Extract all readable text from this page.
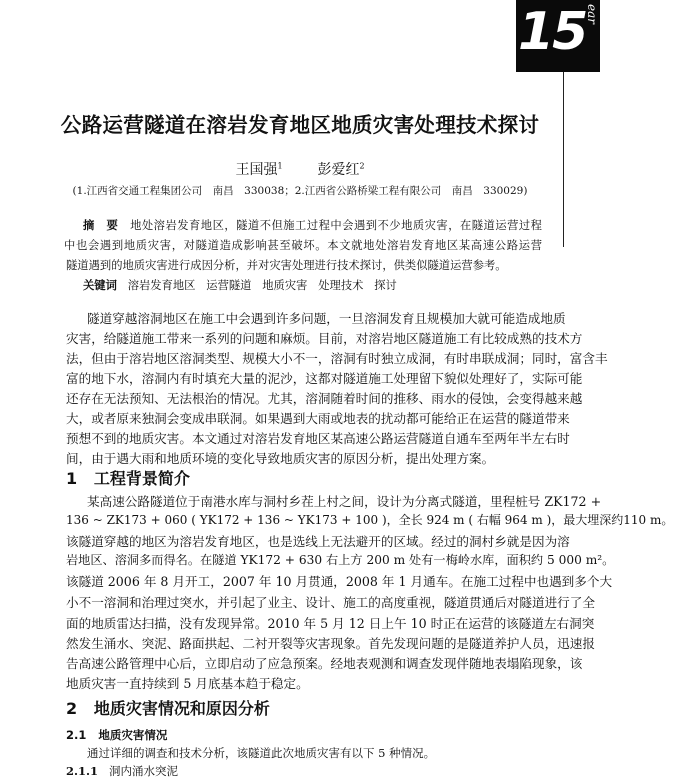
15
ear
公路运营隧道在溶岩发育地区地质灾害处理技术探讨
王国强$^1$ 彭爱红$^2$
(1.江西省交通工程集团公司　南昌　330038；2.江西省公路桥梁工程有限公司　南昌　330029)
摘　要　 地处溶岩发育地区，隧道不但施工过程中会遇到不少地质灾害，在隧道运营过程
中也会遇到地质灾害，对隧道造成影响甚至破坏。本文就地处溶岩发育地区某高速公路运营
隧道遇到的地质灾害进行成因分析，并对灾害处理进行技术探讨，供类似隧道运营参考。
关键词 溶岩发育地区 运营隧道 地质灾害 处理技术 探讨
隧道穿越溶洞地区在施工中会遇到许多问题，一旦溶洞发育且规模加大就可能造成地质
灾害，给隧道施工带来一系列的问题和麻烦。目前，对溶岩地区隧道施工有比较成熟的技术方
法，但由于溶岩地区溶洞类型、规模大小不一，溶洞有时独立成洞，有时串联成洞；同时，富含丰
富的地下水，溶洞内有时填充大量的泥沙，这都对隧道施工处理留下貌似处理好了，实际可能
还存在无法预知、无法根治的情况。尤其，溶洞随着时间的推移、雨水的侵蚀，会变得越来越
大，或者原来独洞会变成串联洞。如果遇到大雨或地表的扰动都可能给正在运营的隧道带来
预想不到的地质灾害。本文通过对溶岩发育地区某高速公路运营隧道自通车至两年半左右时
间，由于遇大雨和地质环境的变化导致地质灾害的原因分析，提出处理方案。
1 工程背景简介
某高速公路隧道位于南港水库与洞村乡茬上村之间，设计为分离式隧道，里程桩号 ZK172 +
136 ~ ZK173 + 060 ( YK172 + 136 ~ YK173 + 100 )，全长 924 m ( 右幅 964 m )，最大埋深约110 m。
该隧道穿越的地区为溶岩发育地区，也是选线上无法避开的区域。经过的洞村乡就是因为溶
岩地区、溶洞多而得名。在隧道 YK172 + 630 右上方 200 m 处有一梅岭水库，面积约 5 000 m²。
该隧道 2006 年 8 月开工，2007 年 10 月贯通，2008 年 1 月通车。在施工过程中也遇到多个大
小不一溶洞和治理过突水，并引起了业主、设计、施工的高度重视，隧道贯通后对隧道进行了全
面的地质雷达扫描，没有发现异常。2010 年 5 月 12 日上午 10 时正在运营的该隧道左右洞突
然发生涌水、突泥、路面拱起、二衬开裂等灾害现象。首先发现问题的是隧道养护人员，迅速报
告高速公路管理中心后，立即启动了应急预案。经地表观测和调查发现伴随地表塌陷现象，该
地质灾害一直持续到 5 月底基本趋于稳定。
2 地质灾害情况和原因分析
2.1 地质灾害情况
通过详细的调查和技术分析，该隧道此次地质灾害有以下 5 种情况。
2.1.1 洞内涌水突泥
